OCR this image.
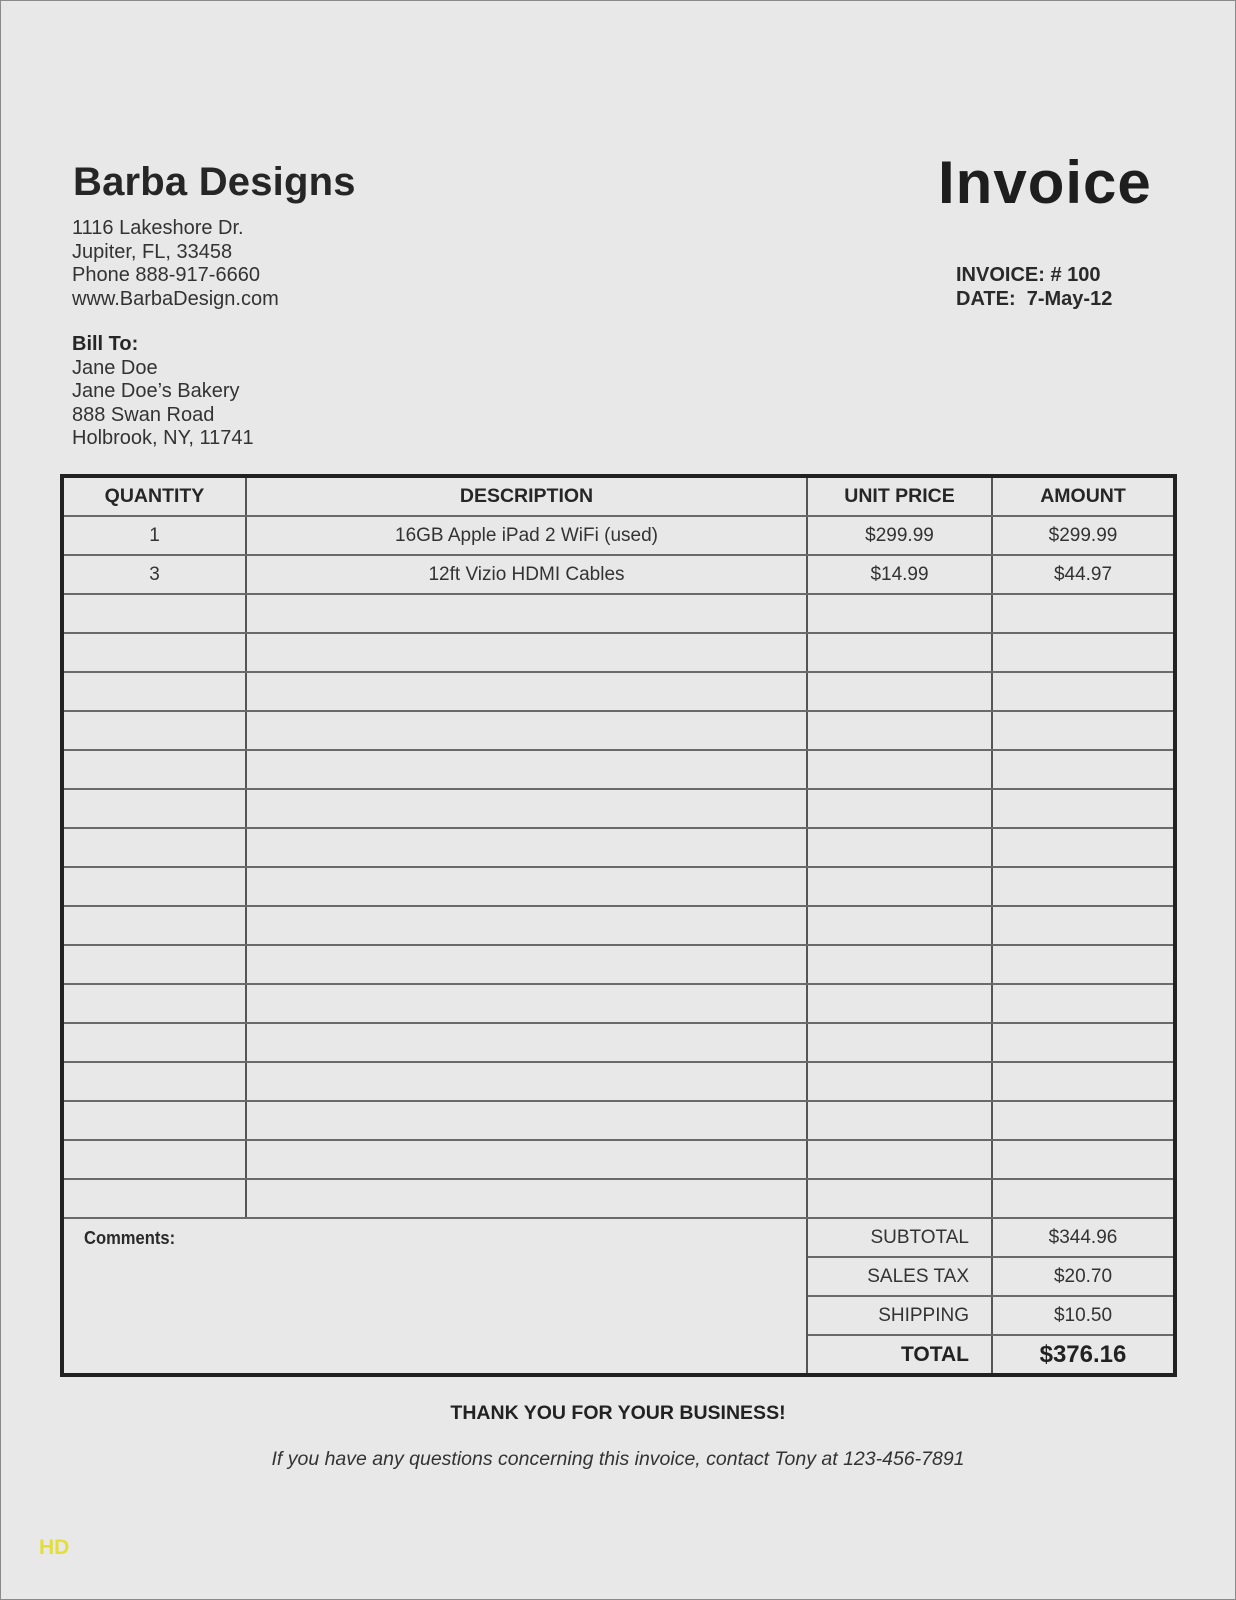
Barba Designs
1116 Lakeshore Dr.
Jupiter, FL, 33458
Phone 888-917-6660
www.BarbaDesign.com
Invoice
INVOICE: # 100
DATE:  7-May-12
Bill To:
Jane Doe
Jane Doe’s Bakery
888 Swan Road
Holbrook, NY, 11741
QUANTITY	DESCRIPTION	UNIT PRICE	AMOUNT
1	16GB Apple iPad 2 WiFi (used)	$299.99	$299.99
3	12ft Vizio HDMI Cables	$14.99	$44.97
Comments:	SUBTOTAL	$344.96
SALES TAX	$20.70
SHIPPING	$10.50
TOTAL	$376.16
THANK YOU FOR YOUR BUSINESS!
If you have any questions concerning this invoice, contact Tony at 123-456-7891
HD
